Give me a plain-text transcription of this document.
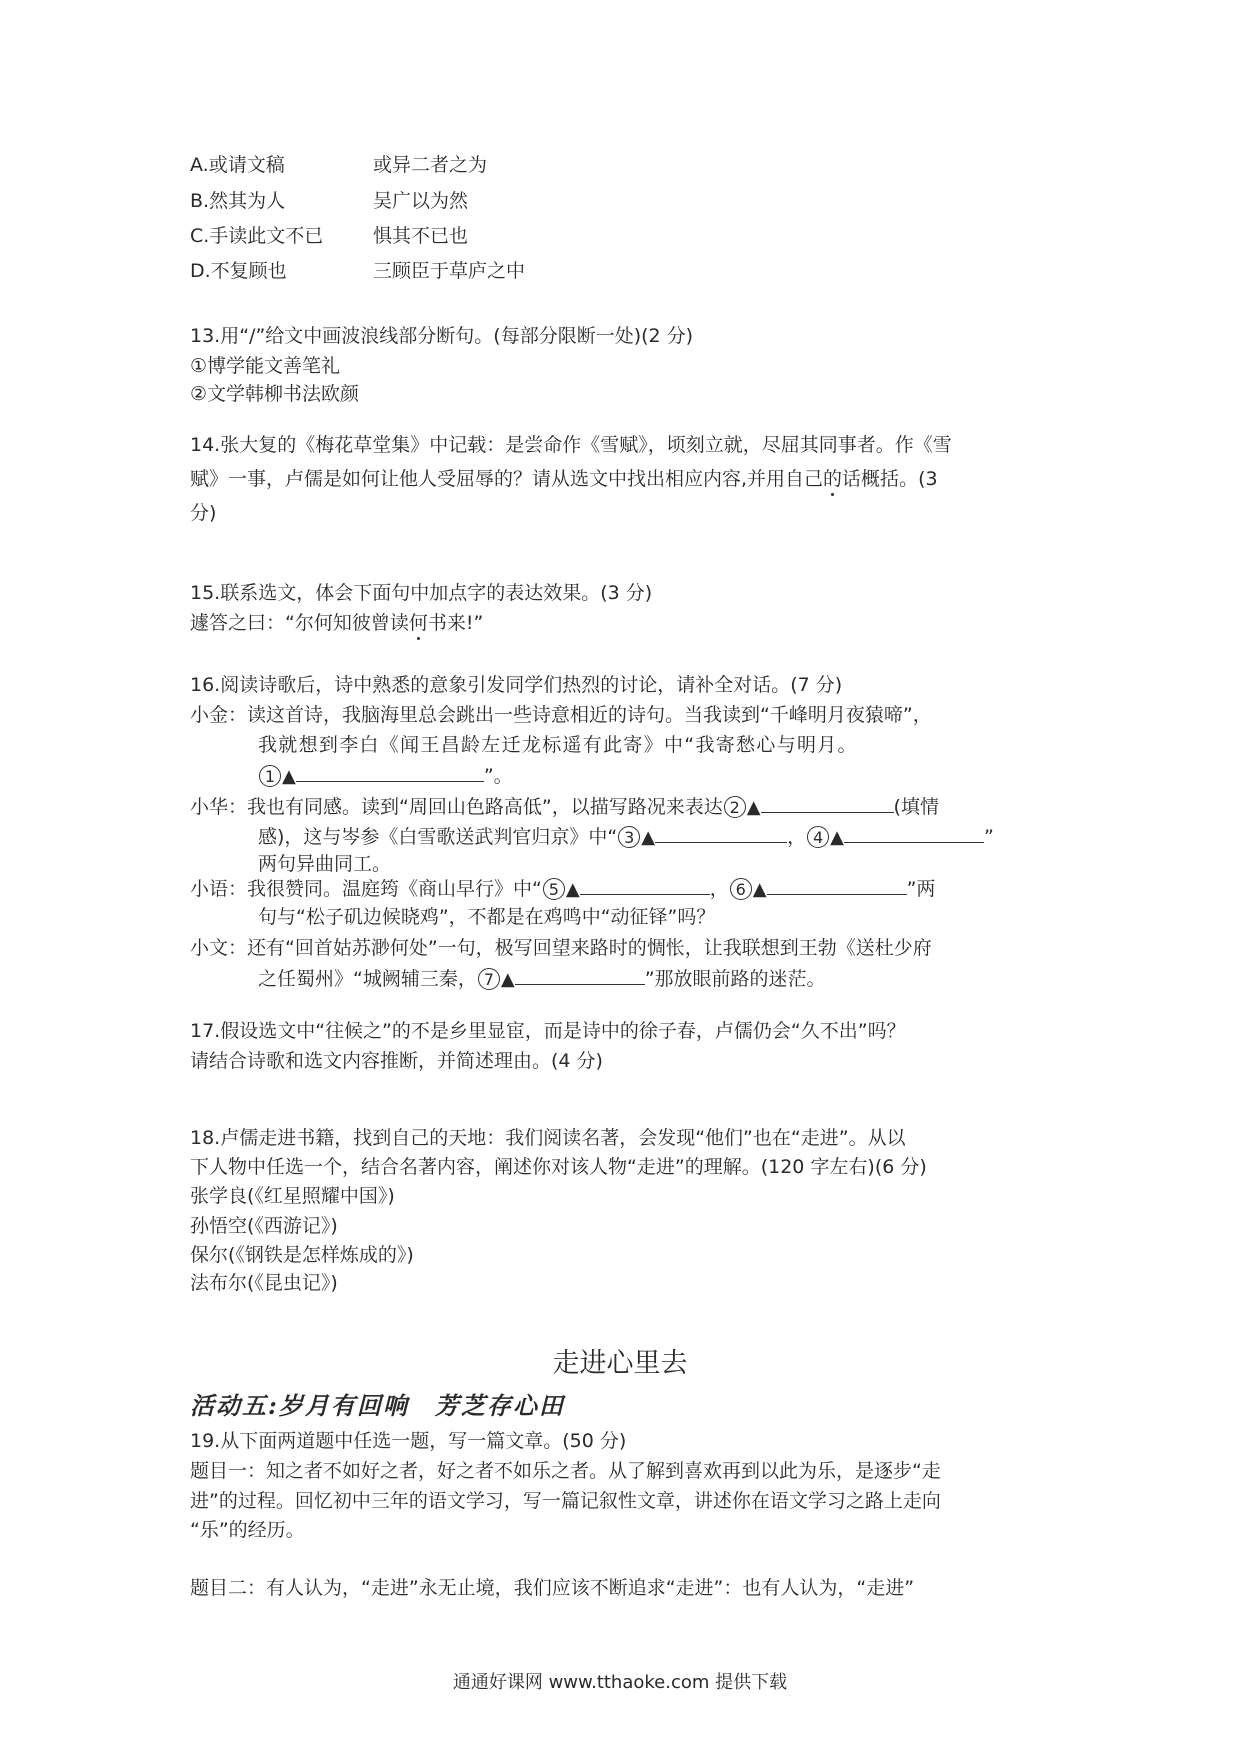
A.或请文稿	或异二者之为
B.然其为人	吴广以为然
C.手读此文不已	惧其不已也
D.不复顾也	三顾臣于草庐之中
13.用“/”给文中画波浪线部分断句。(每部分限断一处)(2 分)
①博学能文善笔礼
②文学韩柳书法欧颜
14.张大复的《梅花草堂集》中记载：是尝命作《雪赋》，顷刻立就，尽屈其同事者。作《雪
赋》一事，卢儒是如何让他人受屈辱的？请从选文中找出相应内容,并用自己的话概括。(3
分)
15.联系选文，体会下面句中加点字的表达效果。(3 分)
遽答之曰：“尔何知彼曾读何书来!”
16.阅读诗歌后，诗中熟悉的意象引发同学们热烈的讨论，请补全对话。(7 分)
小金：读这首诗，我脑海里总会跳出一些诗意相近的诗句。当我读到“千峰明月夜猿啼”，
我就想到李白《闻王昌龄左迁龙标遥有此寄》中“我寄愁心与明月。
1 ▲	”。
小华：我也有同感。读到“周回山色路高低”，以描写路况来表达 2 ▲	(填情
感)，这与岑参《白雪歌送武判官归京》中“ 3 ▲	， 4 ▲	”
两句异曲同工。
小语：我很赞同。温庭筠《商山早行》中“ 5 ▲	， 6 ▲	”两
句与“松子矶边候晓鸡”，不都是在鸡鸣中“动征铎”吗？
小文：还有“回首姑苏渺何处”一句，极写回望来路时的惆怅，让我联想到王勃《送杜少府
之任蜀州》“城阙辅三秦， 7 ▲	”那放眼前路的迷茫。
17.假设选文中“往候之”的不是乡里显宦，而是诗中的徐子春，卢儒仍会“久不出”吗？
请结合诗歌和选文内容推断，并简述理由。(4 分)
18.卢儒走进书籍，找到自己的天地：我们阅读名著，会发现“他们”也在“走进”。从以
下人物中任选一个，结合名著内容，阐述你对该人物“走进”的理解。(120 字左右)(6 分)
张学良(《红星照耀中国》)
孙悟空(《西游记》)
保尔(《钢铁是怎样炼成的》)
法布尔(《昆虫记》)
走进心里去
活动五:岁月有回响　芳芝存心田
19.从下面两道题中任选一题，写一篇文章。(50 分)
题目一：知之者不如好之者，好之者不如乐之者。从了解到喜欢再到以此为乐，是逐步“走
进”的过程。回忆初中三年的语文学习，写一篇记叙性文章，讲述你在语文学习之路上走向
“乐”的经历。
题目二：有人认为，“走进”永无止境，我们应该不断追求“走进”：也有人认为，“走进”
通通好课网 www.tthaoke.com 提供下载
